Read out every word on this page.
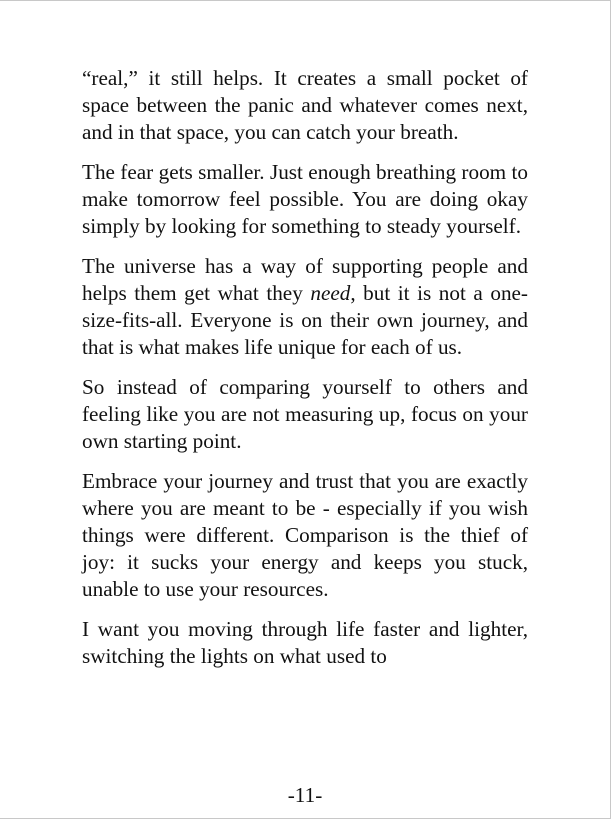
“real,” it still helps. It creates a small pocket of space between the panic and whatever comes next, and in that space, you can catch your breath.

The fear gets smaller. Just enough breathing room to make tomorrow feel possible. You are doing okay simply by looking for something to steady yourself.

The universe has a way of supporting people and helps them get what they need, but it is not a one-size-fits-all. Everyone is on their own journey, and that is what makes life unique for each of us.

So instead of comparing yourself to others and feeling like you are not measuring up, focus on your own starting point.

Embrace your journey and trust that you are exactly where you are meant to be - especially if you wish things were different. Comparison is the thief of joy: it sucks your energy and keeps you stuck, unable to use your resources.

I want you moving through life faster and lighter, switching the lights on what used to

-11-
